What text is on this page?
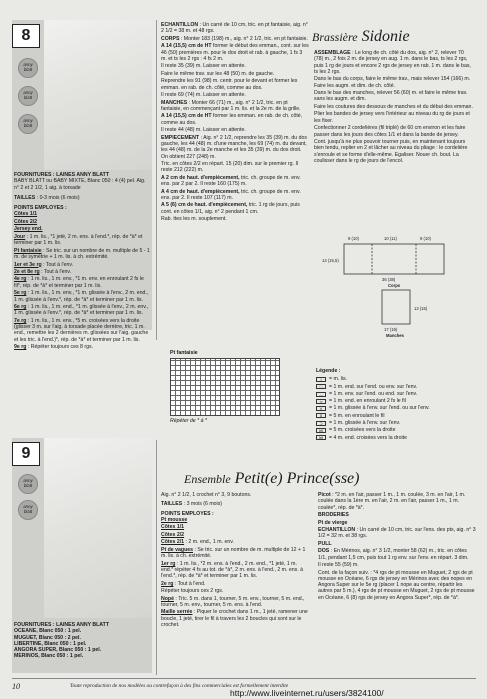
8
anny blatt
anny blatt
anny blatt

FOURNITURES : LAINES ANNY BLATT

BABY BLATT ou BABY MIXTE, Blanc 050 : 4 (4) pel. Aig. n° 2 et 2 1/2, 1 aig. à torsade

TAILLES : 0-3 mois (6 mois)

POINTS EMPLOYES :

Côtes 1/1

Côtes 2/2

Jersey end.

Jour : 1 m. lis., *1 jeté, 2 m. ens. à l'end.*, rép. de *à* et terminer par 1 m. lis.

Pt fantaisie : Se tric. sur un nombre de m. multiple de 5 - 1 m. de symétrie + 1 m. lis. à ch. extrémité.

1er et 3e rg : Tout à l'env.

2e et 8e rg : Tout à l'env.

4e rg : 1 m. lis., 1 m. env., *1 m. env. en enroulant 2 fs le fil*, rép. de *à* et terminer par 1 m. lis.

5e rg : 1 m. lis., 1 m. env., *1 m. glissée à l'env., 2 m. end., 1 m. glissée à l'env.*, rép. de *à* et terminer par 1 m. lis.

6e rg : 1 m. lis., 1 m. end., *1 m. glissée à l'env., 2 m. env., 1 m. glissée à l'env.*, rép. de *à* et terminer par 1 m. lis.

7e rg : 1 m. lis., 1 m. env., *5 m. croisées vers la droite (glisser 3 m. sur l'aig. à torsade placée derrière, tric. 1 m. end., remettre les 2 dernières m. glissées sur l'aig. gauche et les tric. à l'end.)*, rép. de *à* et terminer par 1 m. lis.

9e rg : Répéter toujours ces 8 rgs.

ECHANTILLON : Un carré de 10 cm, tric. en pt fantaisie, aig. n° 2 1/2 = 38 m. et 48 rgs.

CORPS : Monter 183 (198) m., aig. n° 2 1/2, tric. en pt fantaisie.

A 14 (15,5) cm de HT former le début des emman., cont. sur les 46 (50) premières m. pour le dos droit et rab. à gauche, 1 fs 3 m. et ts les 2 rgs : 4 fs 2 m.

Il reste 35 (39) m. Laisser en attente.

Faire le même trav. sur les 48 (50) m. de gauche.

Reprendre les 91 (98) m. centr. pour le devant et former les emman. en rab. de ch. côté, comme au dos.

Il reste 69 (74) m. Laisser en attente.

MANCHES : Monter 66 (71) m., aig. n° 2 1/2, tric. en pt fantaisie, en commençant par 1 m. lis. et la 2e m. de la grille.

A 14 (15,5) cm de HT former les emman. en rab. de ch. côté, comme au dos.

Il reste 44 (48) m. Laisser en attente.

EMPIECEMENT : Aig. n° 2 1/2, reprendre les 35 (39) m. du dos gauche, les 44 (48) m. d'une manche, les 69 (74) m. du devant, les 44 (48) m. de la 2e manche et les 35 (39) m. du dos droit. On obtient 227 (248) m.

Tric. en côtes 2/2 en répart. 15 (20) dim. sur le premier rg. Il reste 212 (222) m.

A 2 cm de haut. d'empiècement, tric. ch. groupe de m. env. ens. par 2 par 2. Il reste 160 (175) m.

A 4 cm de haut. d'empiècement, tric. ch. groupe de m. env. ens. par 2. Il reste 107 (117) m.

A 5 (6) cm de haut. d'empiècement, tric. 1 rg de jours, puis cont. en côtes 1/1, aig. n° 2 pendant 1 cm.

Rab. ttes les m. souplement.

Brassière Sidonie

ASSEMBLAGE : Le long de ch. côté du dos, aig. n° 2, relever 70 (78) m., 2 fois 2 m. de jersey en aug. 1 m. dans le bas, ts les 2 rgs, puis 1 rg de jours et encore 2 rgs de jersey en rab. 1 m. dans le bas, ts les 2 rgs.

Dans le bas du corps, faire le même trav., mais relever 154 (166) m. Faire les augm. et dim. de ch. côté.

Dans le bas des manches, relever 56 (60) m. et faire le même trav. sans les augm. et dim.

Faire les coutures des dessous de manches et du début des emman.

Plier les bandes de jersey vers l'intérieur au niveau du rg de jours et les fixer.

Confectionner 2 cordelières (fil triplé) de 60 cm environ et les faire passer dans les jours des côtes 1/1 et dans la bande de jersey.

Cont. jusqu'à ne plus pouvoir tourner puis, en maintenant toujours bien tendu, replier en 2 et lâcher au niveau du pliage : le cordelière s'enroule et se forme d'elle-même. Egaliser. Nouer ch. bout. La coulisser dans le rg de jours de l'encol.

9 (10)	10 (11)	9 (10)
36 (38)
Corps
14 (15,5)
13 (15)
17 (19)
Manches

Pt fantaisie

Répéter de * à *

Légende :

I	= m. lis.
□	= 1 m. end. sur l'end. ou env. sur l'env.
—	= 1 m. env. sur l'end. ou end. sur l'env.
∞	= 1 m. end. en enroulant 2 fs le fil
V	= 1 m. glissée à l'env. sur l'end. ou sur l'env.
5	= 5 m. en enroulant le fil
⊃	= 1 m. glissée à l'env. sur l'env.
⋈	= 5 m. croisées vers la droite
⋈	= 4 m. end. croisées vers la droite
9
anny blatt
anny blatt

FOURNITURES : LAINES ANNY BLATT

OCEANE, Blanc 050 : 1 pel.

MUGUET, Blanc 050 : 2 pel.

LIBERTINE, Blanc 050 : 1 pel.

ANGORA SUPER, Blanc 050 : 1 pel.

MERINOS, Blanc 050 : 1 pel.

Ensemble Petit(e) Prince(sse)

Aig. n° 2 1/2, 1 crochet n° 3, 9 boutons.

TAILLES : 3 mois (6 mois)

POINTS EMPLOYES :

Pt mousse

Côtes 1/1

Côtes 2/2

Côtes 2/1 : 2 m. end., 1 m. env.

Pt de vagues : Se tric. sur un nombre de m. multiple de 12 + 1 m. lis. à ch. extrémité.

1er rg : 1 m. lis., *2 m. ens. à l'end., 2 m. end., *1 jeté, 1 m. end.* répéter 4 fs au tot. de *à*, 2 m. ens. à l'end., 2 m. ens. à l'end.*, rép. de *à* et terminer par 1 m. lis.

2e rg : Tout à l'end.

Répéter toujours ces 2 rgs.

Nopé : Tric. 5 m. dans 1, tourner, 5 m. env., tourner, 5 m. end., tourner, 5 m. env., tourner, 5 m. ens. à l'end.

Maille serrée : Piquer le crochet dans 1 m., 1 jeté, ramener une boucle, 1 jeté, tirer le fil à travers les 2 boucles qui sont sur le crochet.

Picot : *2 m. en l'air, passer 1 m., 1 m. coulée, 3 m. en l'air, 1 m. coulée dans la 1ère m. en l'air, 2 m. en l'air, passer 1 m., 1 m. coulée*, rép. de *à*.

BRODERIES

Pt de vierge

ECHANTILLON : Un carré de 10 cm, tric. sur l'ens. des pts, aig. n° 3 1/2 = 32 m. et 38 rgs.

PULL

DOS : En Mérinos, aig. n° 3 1/2, monter 58 (62) m., tric. en côtes 1/1, pendant 1,5 cm, puis tout 1 rg env. sur l'env. en répart. 3 dim.

Il reste 55 (59) m.

Cont. de la façon suiv. : *4 rgs de pt mousse en Muguet, 2 rgs de pt mousse en Océane, 6 rgs de jersey en Mérinos avec des nopes en Angora Super sur le 5e rg (placer 1 nope au centre, répartir les autres par 5 m.), 4 rgs de pt mousse en Muguet, 2 rgs de pt mousse en Océane, 6 (8) rgs de jersey en Angora Super*, rép. de *à*.

10	Toute reproduction de nos modèles ou contrefaçon à des fins commerciales est formellement interdite
http://www.liveinternet.ru/users/3824100/
